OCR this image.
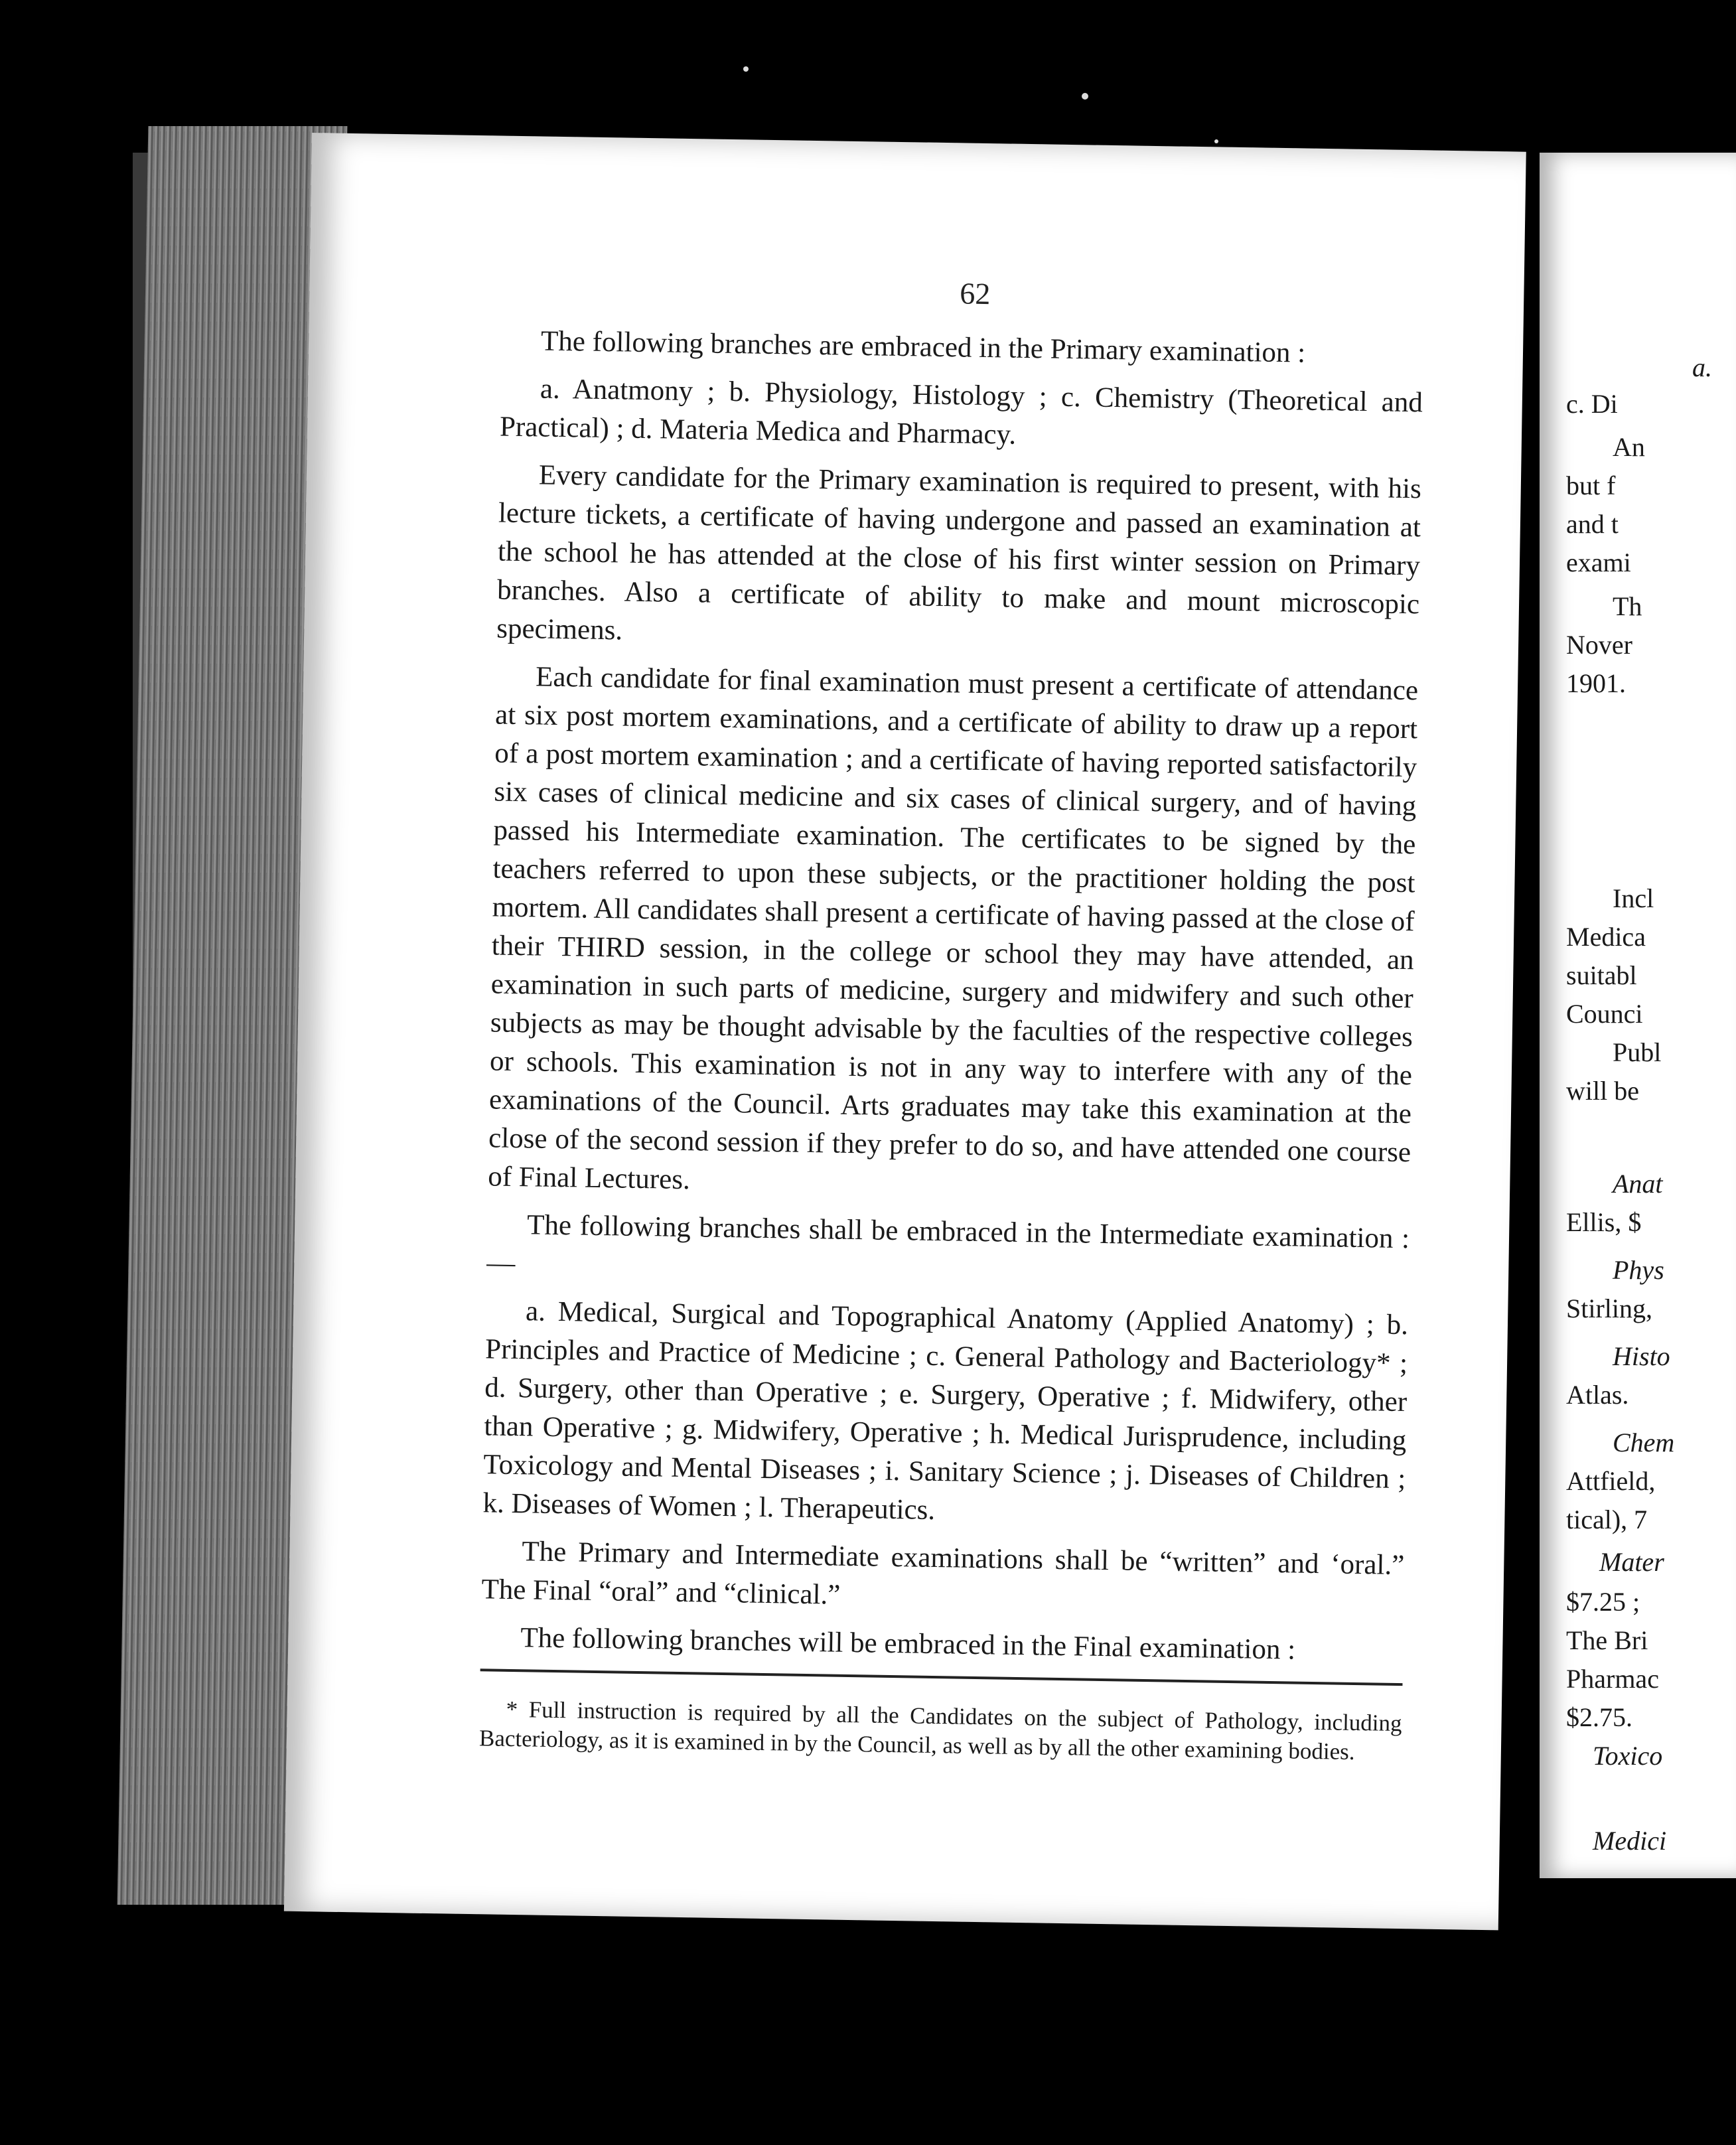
62

The following branches are embraced in the Primary examination :

a. Anatmony ; b. Physiology, Histology ; c. Chemistry (Theoretical and Practical) ; d. Materia Medica and Pharmacy.

Every candidate for the Primary examination is required to present, with his lecture tickets, a certificate of having undergone and passed an examination at the school he has attended at the close of his first winter session on Primary branches. Also a certificate of ability to make and mount microscopic specimens.

Each candidate for final examination must present a certificate of attendance at six post mortem examinations, and a certificate of ability to draw up a report of a post mortem examination ; and a certificate of having reported satisfactorily six cases of clinical medicine and six cases of clinical surgery, and of having passed his Intermediate examination. The certificates to be signed by the teachers referred to upon these subjects, or the practitioner holding the post mortem. All candidates shall present a certificate of having passed at the close of their THIRD session, in the college or school they may have attended, an examination in such parts of medicine, surgery and midwifery and such other subjects as may be thought advisable by the faculties of the respective colleges or schools. This examination is not in any way to interfere with any of the examinations of the Council. Arts graduates may take this examination at the close of the second session if they prefer to do so, and have attended one course of Final Lectures.

The following branches shall be embraced in the Intermediate examination :—

a. Medical, Surgical and Topographical Anatomy (Applied Anatomy) ; b. Principles and Practice of Medicine ; c. General Pathology and Bacteriology* ; d. Surgery, other than Operative ; e. Surgery, Operative ; f. Midwifery, other than Operative ; g. Midwifery, Operative ; h. Medical Jurisprudence, including Toxicology and Mental Diseases ; i. Sanitary Science ; j. Diseases of Children ; k. Diseases of Women ; l. Therapeutics.

The Primary and Intermediate examinations shall be “written” and ‘oral.” The Final “oral” and “clinical.”

The following branches will be embraced in the Final examination :

* Full instruction is required by all the Candidates on the subject of Pathology, including Bacteriology, as it is examined in by the Council, as well as by all the other examining bodies.

a.
c. Di
An
but f
and t
exami
Th
Nover
1901.
Incl
Medica
suitabl
Counci
Publ
will be
Anat
Ellis, $
Phys
Stirling,
Histo
Atlas.
Chem
Attfield,
tical), 7
Mater
$7.25 ;
The Bri
Pharmac
$2.75.
Toxico
Medici
